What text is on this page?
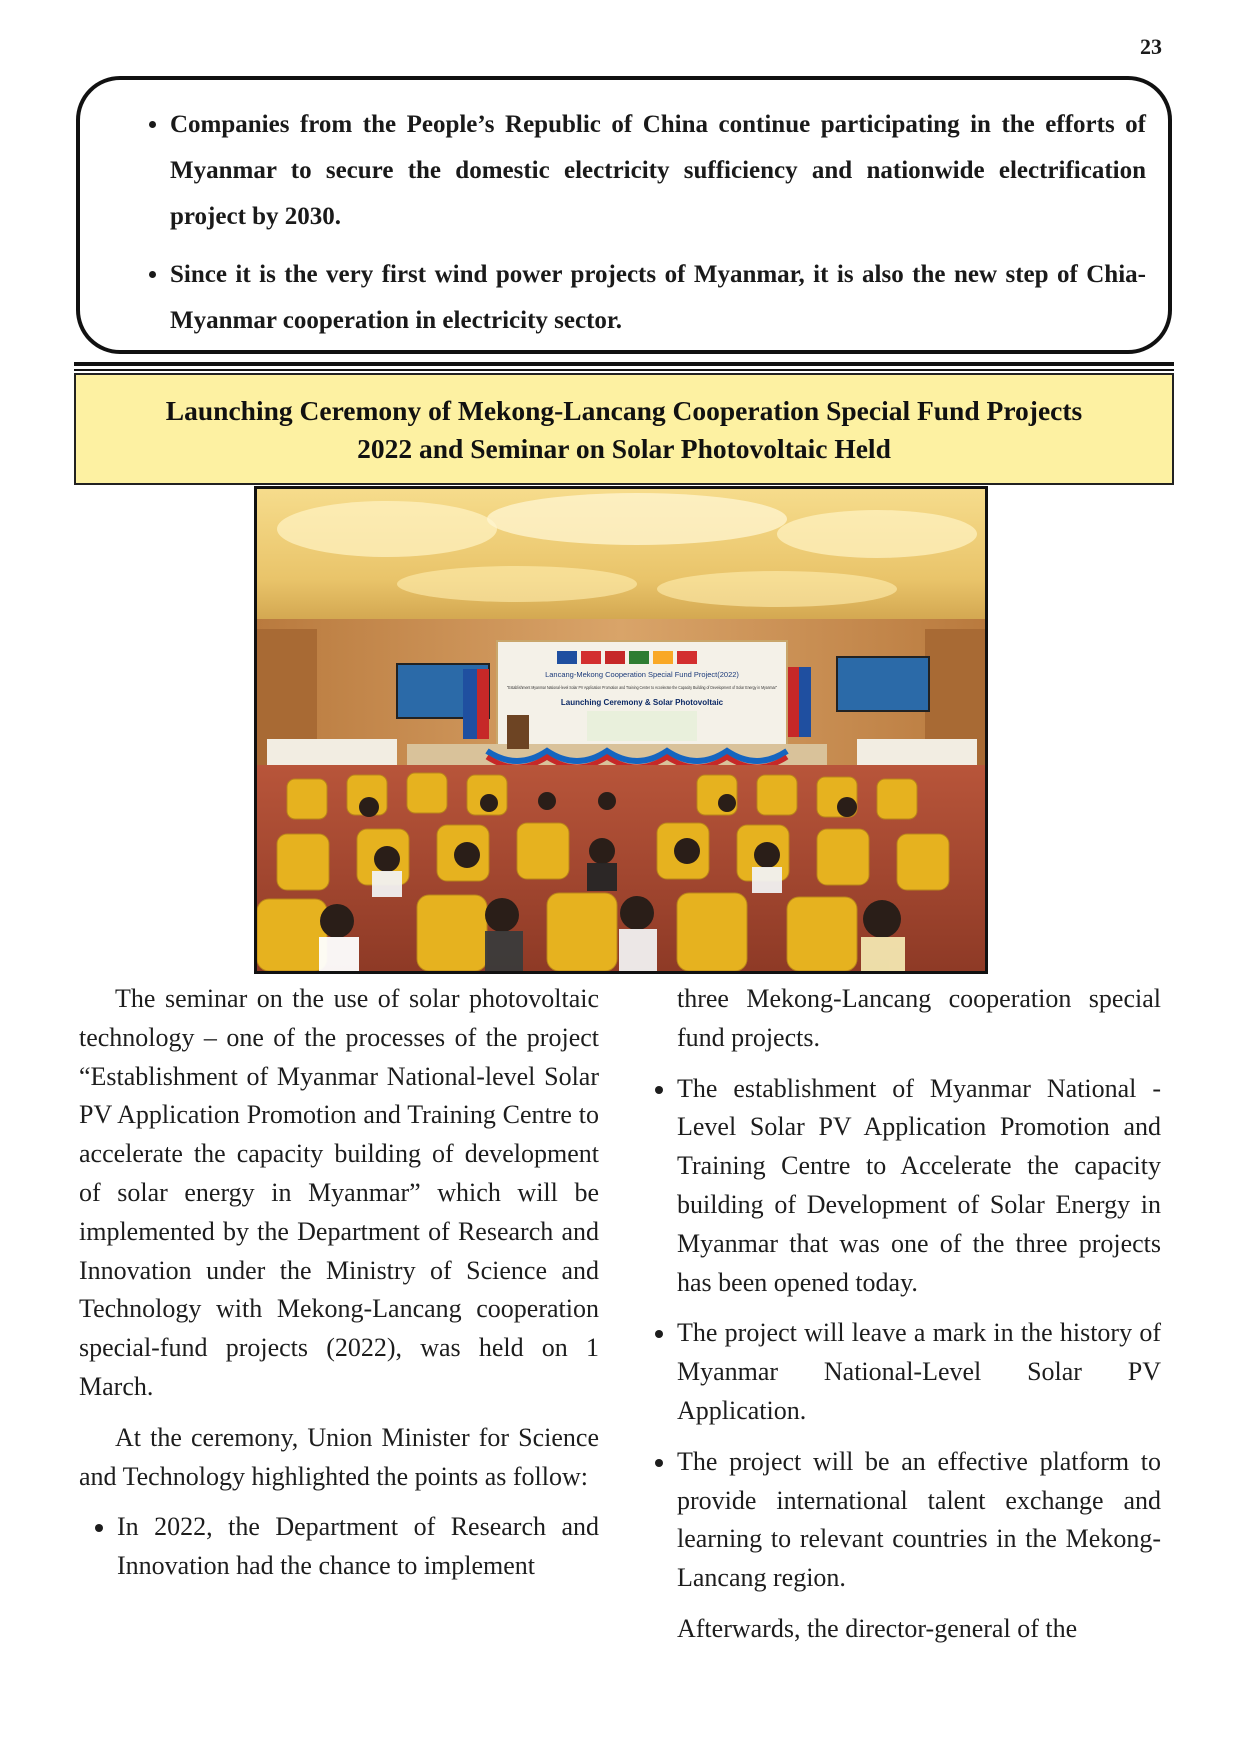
23
• Companies from the People’s Republic of China continue participating in the efforts of Myanmar to secure the domestic electricity sufficiency and nationwide electrification project by 2030.
• Since it is the very first wind power projects of Myanmar, it is also the new step of Chia-Myanmar cooperation in electricity sector.
Launching Ceremony of Mekong-Lancang Cooperation Special Fund Projects
2022 and Seminar on Solar Photovoltaic Held
Lancang-Mekong Cooperation Special Fund Project(2022)
"Establishment Myanmar National-level Solar PV Application Promotion and Training Center to Accelerate the Capacity Building of Development of Solar Energy in Myanmar"
Launching Ceremony & Solar Photovoltaic

The seminar on the use of solar photovoltaic technology – one of the processes of the project “Establishment of Myanmar National-level Solar PV Application Promotion and Training Centre to accelerate the capacity building of development of solar energy in Myanmar” which will be implemented by the Department of Research and Innovation under the Ministry of Science and Technology with Mekong-Lancang cooperation special-fund projects (2022), was held on 1 March.

At the ceremony, Union Minister for Science and Technology highlighted the points as follow:

• In 2022, the Department of Research and Innovation had the chance to implement

three Mekong-Lancang cooperation special fund projects.

• The establishment of Myanmar National -Level Solar PV Application Promotion and Training Centre to Accelerate the capacity building of Development of Solar Energy in Myanmar that was one of the three projects has been opened today.
• The project will leave a mark in the history of Myanmar National-Level Solar PV Application.
• The project will be an effective platform to provide international talent exchange and learning to relevant countries in the Mekong-Lancang region.

Afterwards, the director-general of the
